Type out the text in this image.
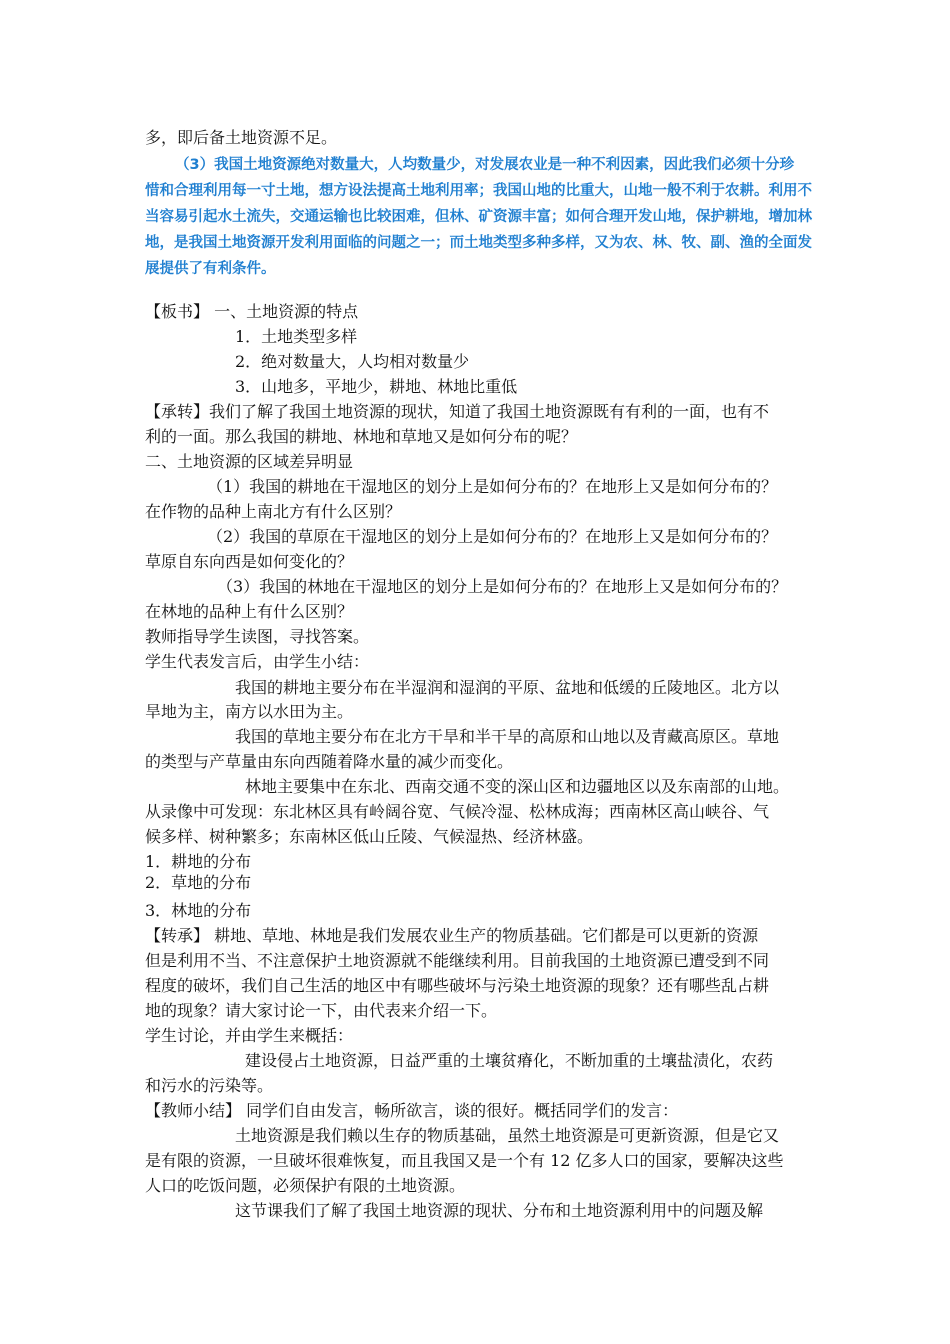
多，即后备土地资源不足。

（3）我国土地资源绝对数量大，人均数量少，对发展农业是一种不利因素，因此我们必须十分珍

惜和合理利用每一寸土地，想方设法提高土地利用率；我国山地的比重大，山地一般不利于农耕。利用不

当容易引起水土流失，交通运输也比较困难，但林、矿资源丰富；如何合理开发山地，保护耕地，增加林

地，是我国土地资源开发利用面临的问题之一；而土地类型多种多样，又为农、林、牧、副、渔的全面发

展提供了有利条件。

【板书】 一、土地资源的特点
1．土地类型多样
2．绝对数量大，人均相对数量少
3．山地多，平地少，耕地、林地比重低
【承转】我们了解了我国土地资源的现状，知道了我国土地资源既有有利的一面，也有不
利的一面。那么我国的耕地、林地和草地又是如何分布的呢？
二、土地资源的区域差异明显
（1）我国的耕地在干湿地区的划分上是如何分布的？在地形上又是如何分布的？
在作物的品种上南北方有什么区别？
（2）我国的草原在干湿地区的划分上是如何分布的？在地形上又是如何分布的？
草原自东向西是如何变化的？
（3）我国的林地在干湿地区的划分上是如何分布的？在地形上又是如何分布的？
在林地的品种上有什么区别？
教师指导学生读图，寻找答案。
学生代表发言后，由学生小结：
我国的耕地主要分布在半湿润和湿润的平原、盆地和低缓的丘陵地区。北方以
旱地为主，南方以水田为主。
我国的草地主要分布在北方干旱和半干旱的高原和山地以及青藏高原区。草地
的类型与产草量由东向西随着降水量的减少而变化。
林地主要集中在东北、西南交通不变的深山区和边疆地区以及东南部的山地。
从录像中可发现：东北林区具有岭阔谷宽、气候冷湿、松林成海；西南林区高山峡谷、气
候多样、树种繁多；东南林区低山丘陵、气候湿热、经济林盛。
1．耕地的分布
2．草地的分布
3．林地的分布
【转承】 耕地、草地、林地是我们发展农业生产的物质基础。它们都是可以更新的资源
但是利用不当、不注意保护土地资源就不能继续利用。目前我国的土地资源已遭受到不同
程度的破坏，我们自己生活的地区中有哪些破坏与污染土地资源的现象？还有哪些乱占耕
地的现象？请大家讨论一下，由代表来介绍一下。
学生讨论，并由学生来概括：
建设侵占土地资源，日益严重的土壤贫瘠化，不断加重的土壤盐渍化，农药
和污水的污染等。
【教师小结】 同学们自由发言，畅所欲言，谈的很好。概括同学们的发言：
土地资源是我们赖以生存的物质基础，虽然土地资源是可更新资源，但是它又
是有限的资源，一旦破坏很难恢复，而且我国又是一个有 12 亿多人口的国家，要解决这些
人口的吃饭问题，必须保护有限的土地资源。
这节课我们了解了我国土地资源的现状、分布和土地资源利用中的问题及解
